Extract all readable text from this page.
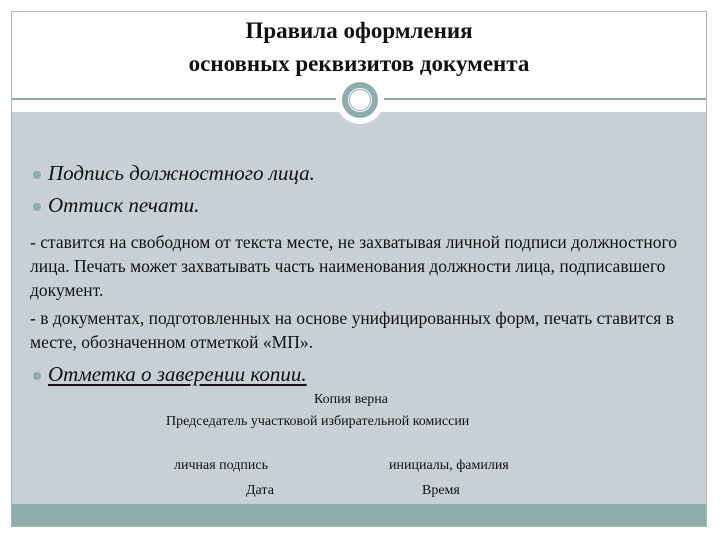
Правила оформления
основных реквизитов документа
Подпись должностного лица.
Оттиск печати.
- ставится на свободном от текста месте, не захватывая личной подписи должностного лица. Печать может захватывать часть наименования должности лица, подписавшего документ.
- в документах, подготовленных на основе унифицированных форм, печать ставится в месте, обозначенном отметкой «МП».
Отметка о заверении копии.
Копия верна
Председатель участковой избирательной комиссии
личная подпись	инициалы, фамилия
Дата	Время
